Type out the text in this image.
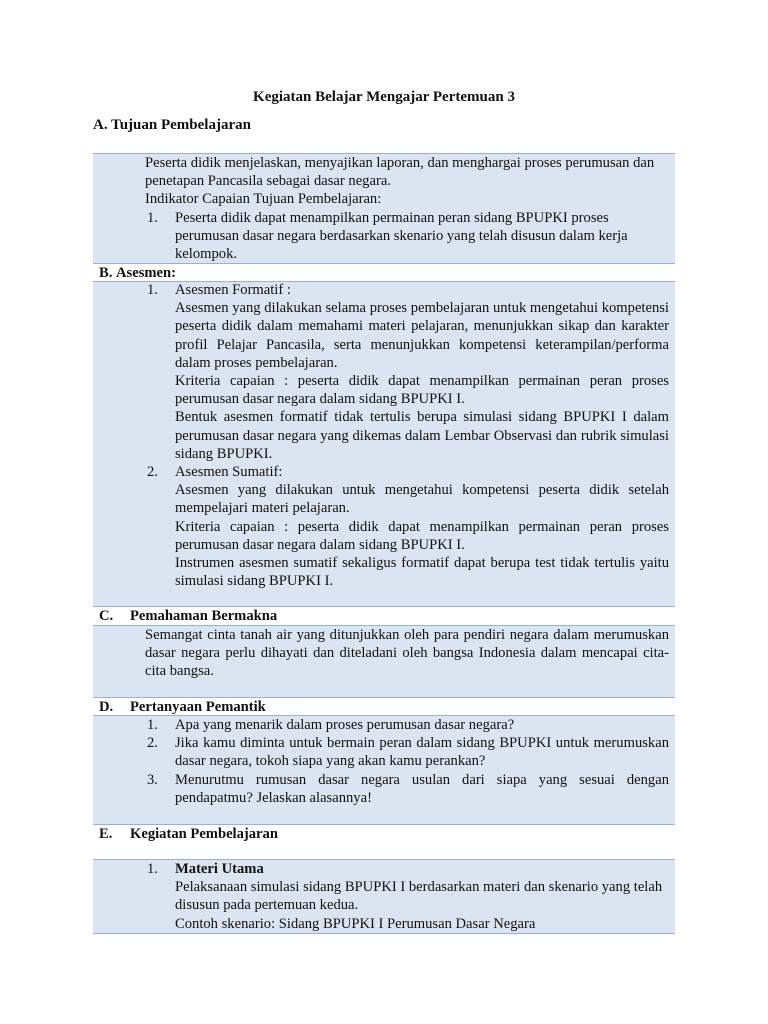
Kegiatan Belajar Mengajar Pertemuan 3
A. Tujuan Pembelajaran

Peserta didik menjelaskan, menyajikan laporan, dan menghargai proses perumusan dan penetapan Pancasila sebagai dasar negara.

Indikator Capaian Tujuan Pembelajaran:

1. Peserta didik dapat menampilkan permainan peran sidang BPUPKI proses perumusan dasar negara berdasarkan skenario yang telah disusun dalam kerja kelompok.
B. Asesmen:
1. Asesmen Formatif :

Asesmen yang dilakukan selama proses pembelajaran untuk mengetahui kompetensi peserta didik dalam memahami materi pelajaran, menunjukkan sikap dan karakter profil Pelajar Pancasila, serta menunjukkan kompetensi keterampilan/performa dalam proses pembelajaran.

Kriteria capaian : peserta didik dapat menampilkan permainan peran proses perumusan dasar negara dalam sidang BPUPKI I.

Bentuk asesmen formatif tidak tertulis berupa simulasi sidang BPUPKI I dalam perumusan dasar negara yang dikemas dalam Lembar Observasi dan rubrik simulasi sidang BPUPKI.

2. Asesmen Sumatif:

Asesmen yang dilakukan untuk mengetahui kompetensi peserta didik setelah mempelajari materi pelajaran.

Kriteria capaian : peserta didik dapat menampilkan permainan peran proses perumusan dasar negara dalam sidang BPUPKI I.

Instrumen asesmen sumatif sekaligus formatif dapat berupa test tidak tertulis yaitu simulasi sidang BPUPKI I.

C. Pemahaman Bermakna
Semangat cinta tanah air yang ditunjukkan oleh para pendiri negara dalam merumuskan dasar negara perlu dihayati dan diteladani oleh bangsa Indonesia dalam mencapai cita-cita bangsa.
D. Pertanyaan Pemantik
1. Apa yang menarik dalam proses perumusan dasar negara?
2. Jika kamu diminta untuk bermain peran dalam sidang BPUPKI untuk merumuskan dasar negara, tokoh siapa yang akan kamu perankan?
3. Menurutmu rumusan dasar negara usulan dari siapa yang sesuai dengan pendapatmu? Jelaskan alasannya!
E. Kegiatan Pembelajaran
1. Materi Utama

Pelaksanaan simulasi sidang BPUPKI I berdasarkan materi dan skenario yang telah disusun pada pertemuan kedua.

Contoh skenario: Sidang BPUPKI I Perumusan Dasar Negara
